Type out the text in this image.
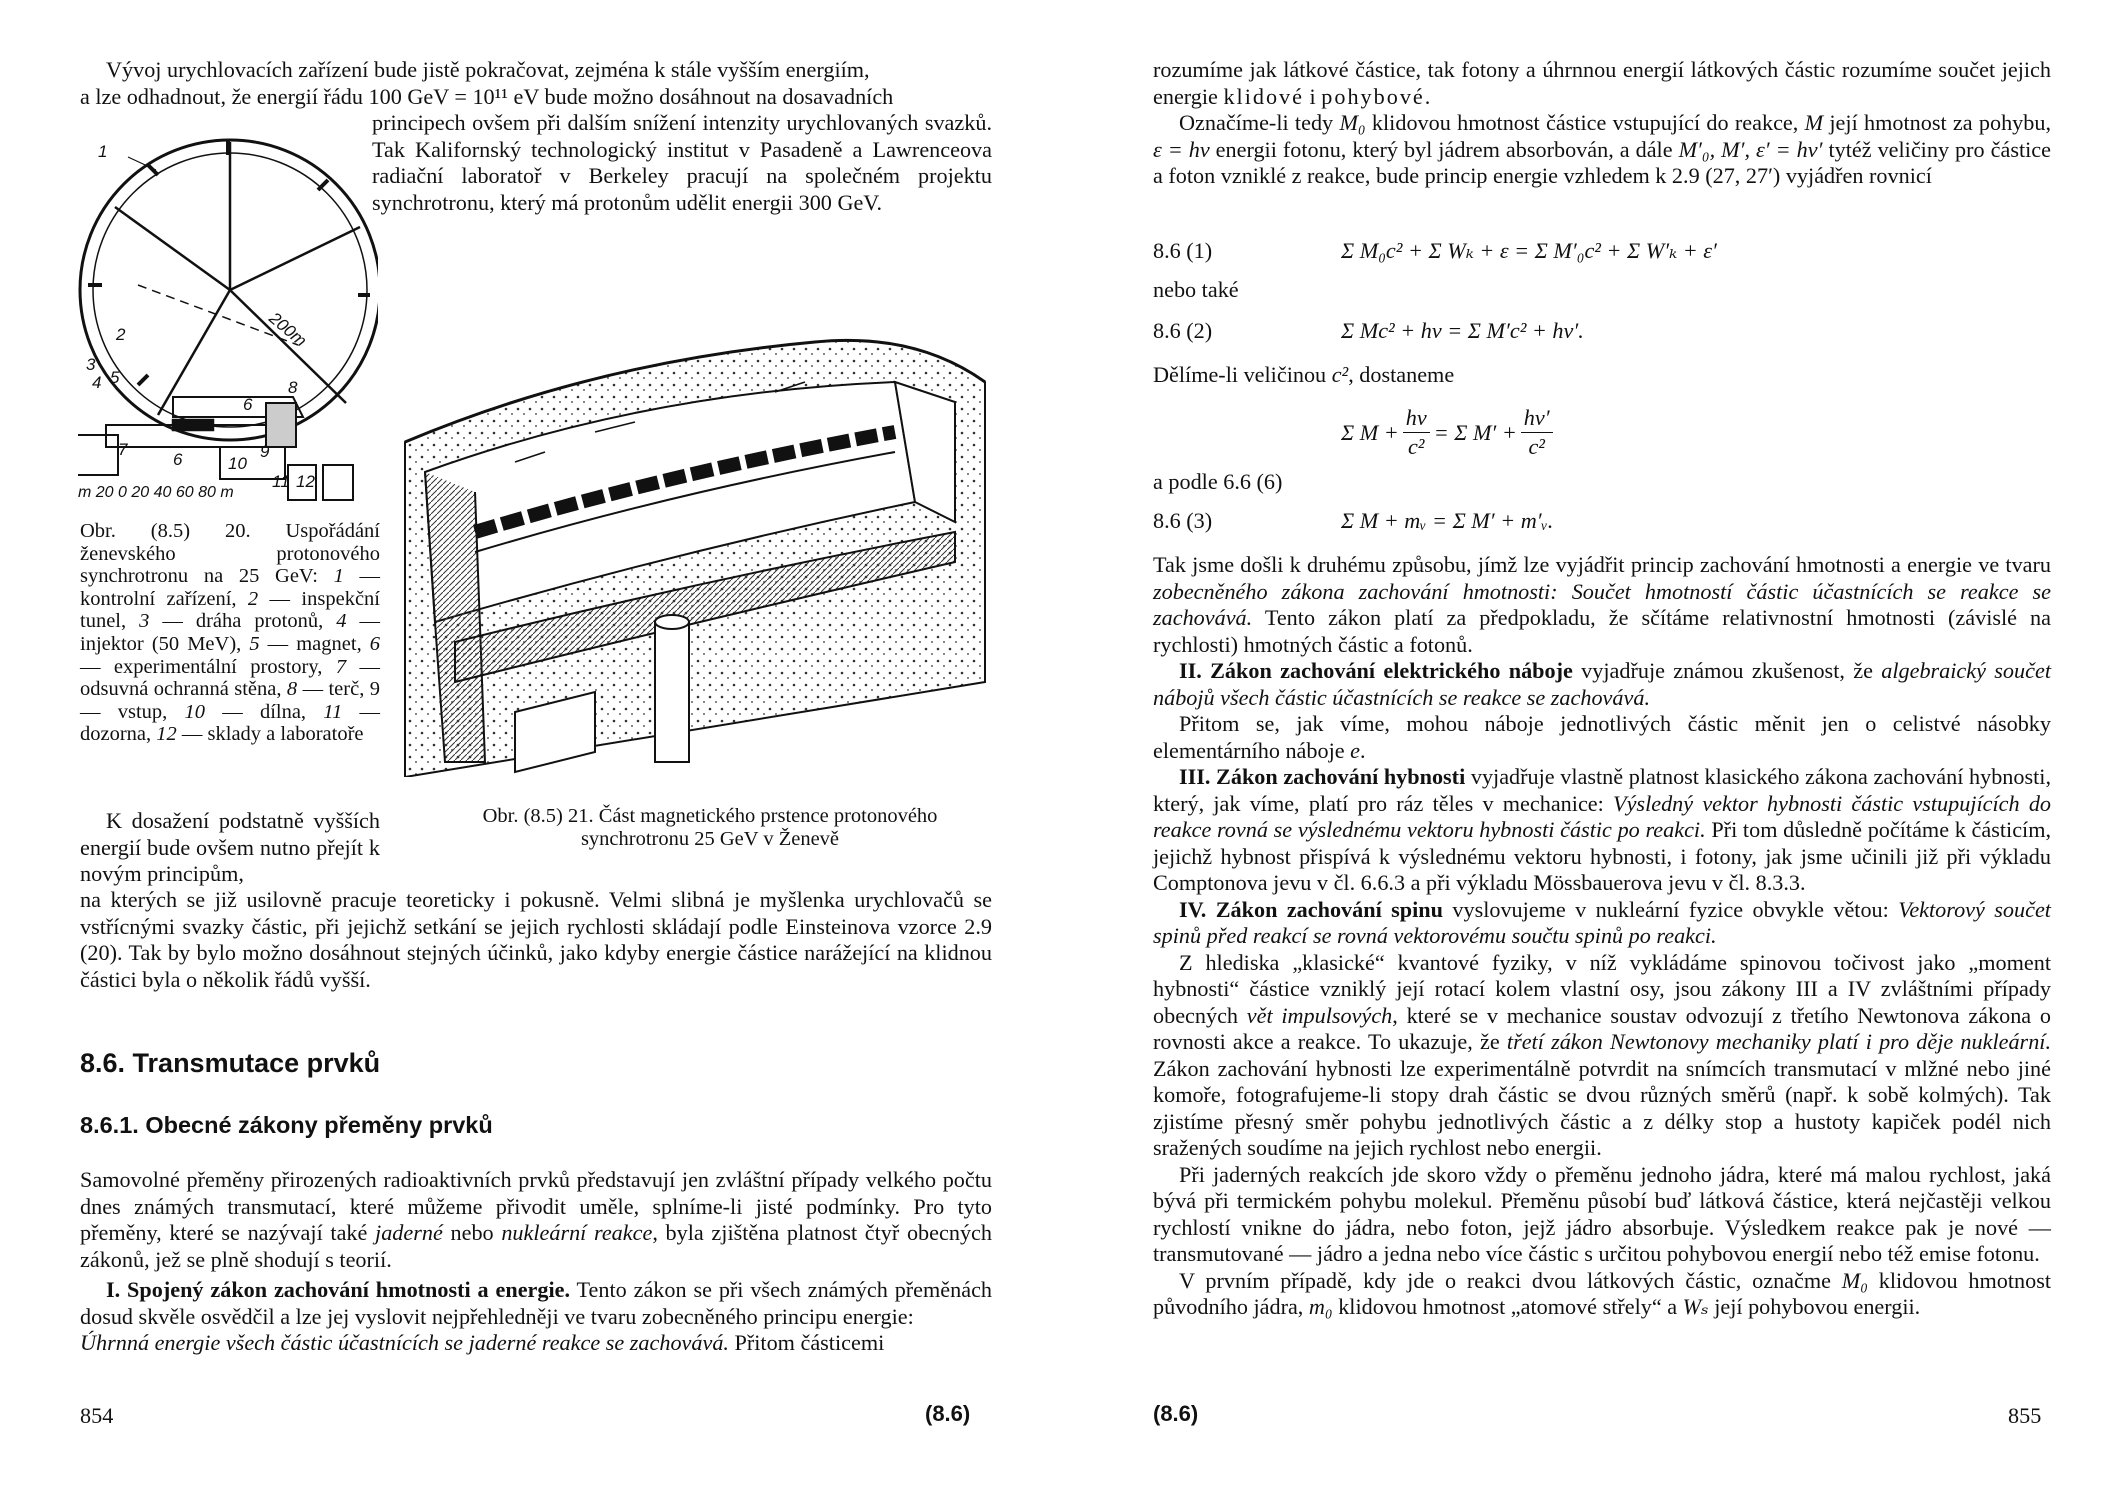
Vývoj urychlovacích zařízení bude jistě pokračovat, zejména k stále vyšším energiím,

a lze odhadnout, že energií řádu 100 GeV = 10¹¹ eV bude možno dosáhnout na dosavadních

principech ovšem při dalším snížení intenzity urychlovaných svazků. Tak Kalifornský technologický institut v Pasadeně a Lawrenceova radiační laboratoř v Berkeley pracují na společném projektu synchrotronu, který má protonům udělit energii 300 GeV.
1
2
3
4 5
6
7
8
6	10
9
11 12
200m
m 20 0 20 40 60 80 m
Obr. (8.5) 20. Uspořádání ženevského protonového synchrotronu na 25 GeV: 1 — kontrolní zařízení, 2 — inspekční tunel, 3 — dráha protonů, 4 — injektor (50 MeV), 5 — magnet, 6 — experimentální prostory, 7 — odsuvná ochranná stěna, 8 — terč, 9 — vstup, 10 — dílna, 11 — dozorna, 12 — sklady a laboratoře

Obr. (8.5) 21. Část magnetického prstence protonového

synchrotronu 25 GeV v Ženevě

K dosažení podstatně vyšších energií bude ovšem nutno přejít k novým principům,
na kterých se již usilovně pracuje teoreticky i pokusně. Velmi slibná je myšlenka urychlovačů se vstřícnými svazky částic, při jejichž setkání se jejich rychlosti skládají podle Einsteinova vzorce 2.9 (20). Tak by bylo možno dosáhnout stejných účinků, jako kdyby energie částice narážející na klidnou částici byla o několik řádů vyšší.
8.6. Transmutace prvků
8.6.1. Obecné zákony přeměny prvků

Samovolné přeměny přirozených radioaktivních prvků představují jen zvláštní případy velkého počtu dnes známých transmutací, které můžeme přivodit uměle, splníme-li jisté podmínky. Pro tyto přeměny, které se nazývají také jaderné nebo nukleární reakce, byla zjištěna platnost čtyř obecných zákonů, jež se plně shodují s teorií.

I. Spojený zákon zachování hmotnosti a energie. Tento zákon se při všech známých přeměnách dosud skvěle osvědčil a lze jej vyslovit nejpřehledněji ve tvaru zobecněného principu energie:

Úhrnná energie všech částic účastnících se jaderné reakce se zachovává. Přitom částicemi

854	(8.6)

rozumíme jak látkové částice, tak fotony a úhrnnou energií látkových částic rozumíme součet jejich energie klidové i pohybové.

Označíme-li tedy M₀ klidovou hmotnost částice vstupující do reakce, M její hmotnost za pohybu, ε = hν energii fotonu, který byl jádrem absorbován, a dále M′₀, M′, ε′ = hν′ tytéž veličiny pro částice a foton vzniklé z reakce, bude princip energie vzhledem k 2.9 (27, 27′) vyjádřen rovnicí

8.6 (1)	Σ M₀c² + Σ Wₖ + ε = Σ M′₀c² + Σ W′ₖ + ε′
nebo také
8.6 (2)	Σ Mc² + hν = Σ M′c² + hν′.
Dělíme-li veličinou c², dostaneme
Σ $M + \frac{h\nu}{\text{c²}} = \Sigma$ $M' + \frac{h\nu'}{\text{c²}}$
a podle 6.6 (6)
8.6 (3)	Σ M + mᵥ = Σ M′ + m′ᵥ.

Tak jsme došli k druhému způsobu, jímž lze vyjádřit princip zachování hmotnosti a energie ve tvaru zobecněného zákona zachování hmotnosti: Součet hmotností částic účastnících se reakce se zachovává. Tento zákon platí za předpokladu, že sčítáme relativnostní hmotnosti (závislé na rychlosti) hmotných částic a fotonů.

II. Zákon zachování elektrického náboje vyjadřuje známou zkušenost, že algebraický součet nábojů všech částic účastnících se reakce se zachovává.

Přitom se, jak víme, mohou náboje jednotlivých částic měnit jen o celistvé násobky elementárního náboje e.

III. Zákon zachování hybnosti vyjadřuje vlastně platnost klasického zákona zachování hybnosti, který, jak víme, platí pro ráz těles v mechanice: Výsledný vektor hybnosti částic vstupujících do reakce rovná se výslednému vektoru hybnosti částic po reakci. Při tom důsledně počítáme k částicím, jejichž hybnost přispívá k výslednému vektoru hybnosti, i fotony, jak jsme učinili již při výkladu Comptonova jevu v čl. 6.6.3 a při výkladu Mössbauerova jevu v čl. 8.3.3.

IV. Zákon zachování spinu vyslovujeme v nukleární fyzice obvykle větou: Vektorový součet spinů před reakcí se rovná vektorovému součtu spinů po reakci.

Z hlediska „klasické“ kvantové fyziky, v níž vykládáme spinovou točivost jako „moment hybnosti“ částice vzniklý její rotací kolem vlastní osy, jsou zákony III a IV zvláštními případy obecných vět impulsových, které se v mechanice soustav odvozují z třetího Newtonova zákona o rovnosti akce a reakce. To ukazuje, že třetí zákon Newtonovy mechaniky platí i pro děje nukleární. Zákon zachování hybnosti lze experimentálně potvrdit na snímcích transmutací v mlžné nebo jiné komoře, fotografujeme-li stopy drah částic se dvou různých směrů (např. k sobě kolmých). Tak zjistíme přesný směr pohybu jednotlivých částic a z délky stop a hustoty kapiček podél nich sražených soudíme na jejich rychlost nebo energii.

Při jaderných reakcích jde skoro vždy o přeměnu jednoho jádra, které má malou rychlost, jaká bývá při termickém pohybu molekul. Přeměnu působí buď látková částice, která nejčastěji velkou rychlostí vnikne do jádra, nebo foton, jejž jádro absorbuje. Výsledkem reakce pak je nové — transmutované — jádro a jedna nebo více částic s určitou pohybovou energií nebo též emise fotonu.

V prvním případě, kdy jde o reakci dvou látkových částic, označme M₀ klidovou hmotnost původního jádra, m₀ klidovou hmotnost „atomové střely“ a Wₛ její pohybovou energii.

(8.6)	855
